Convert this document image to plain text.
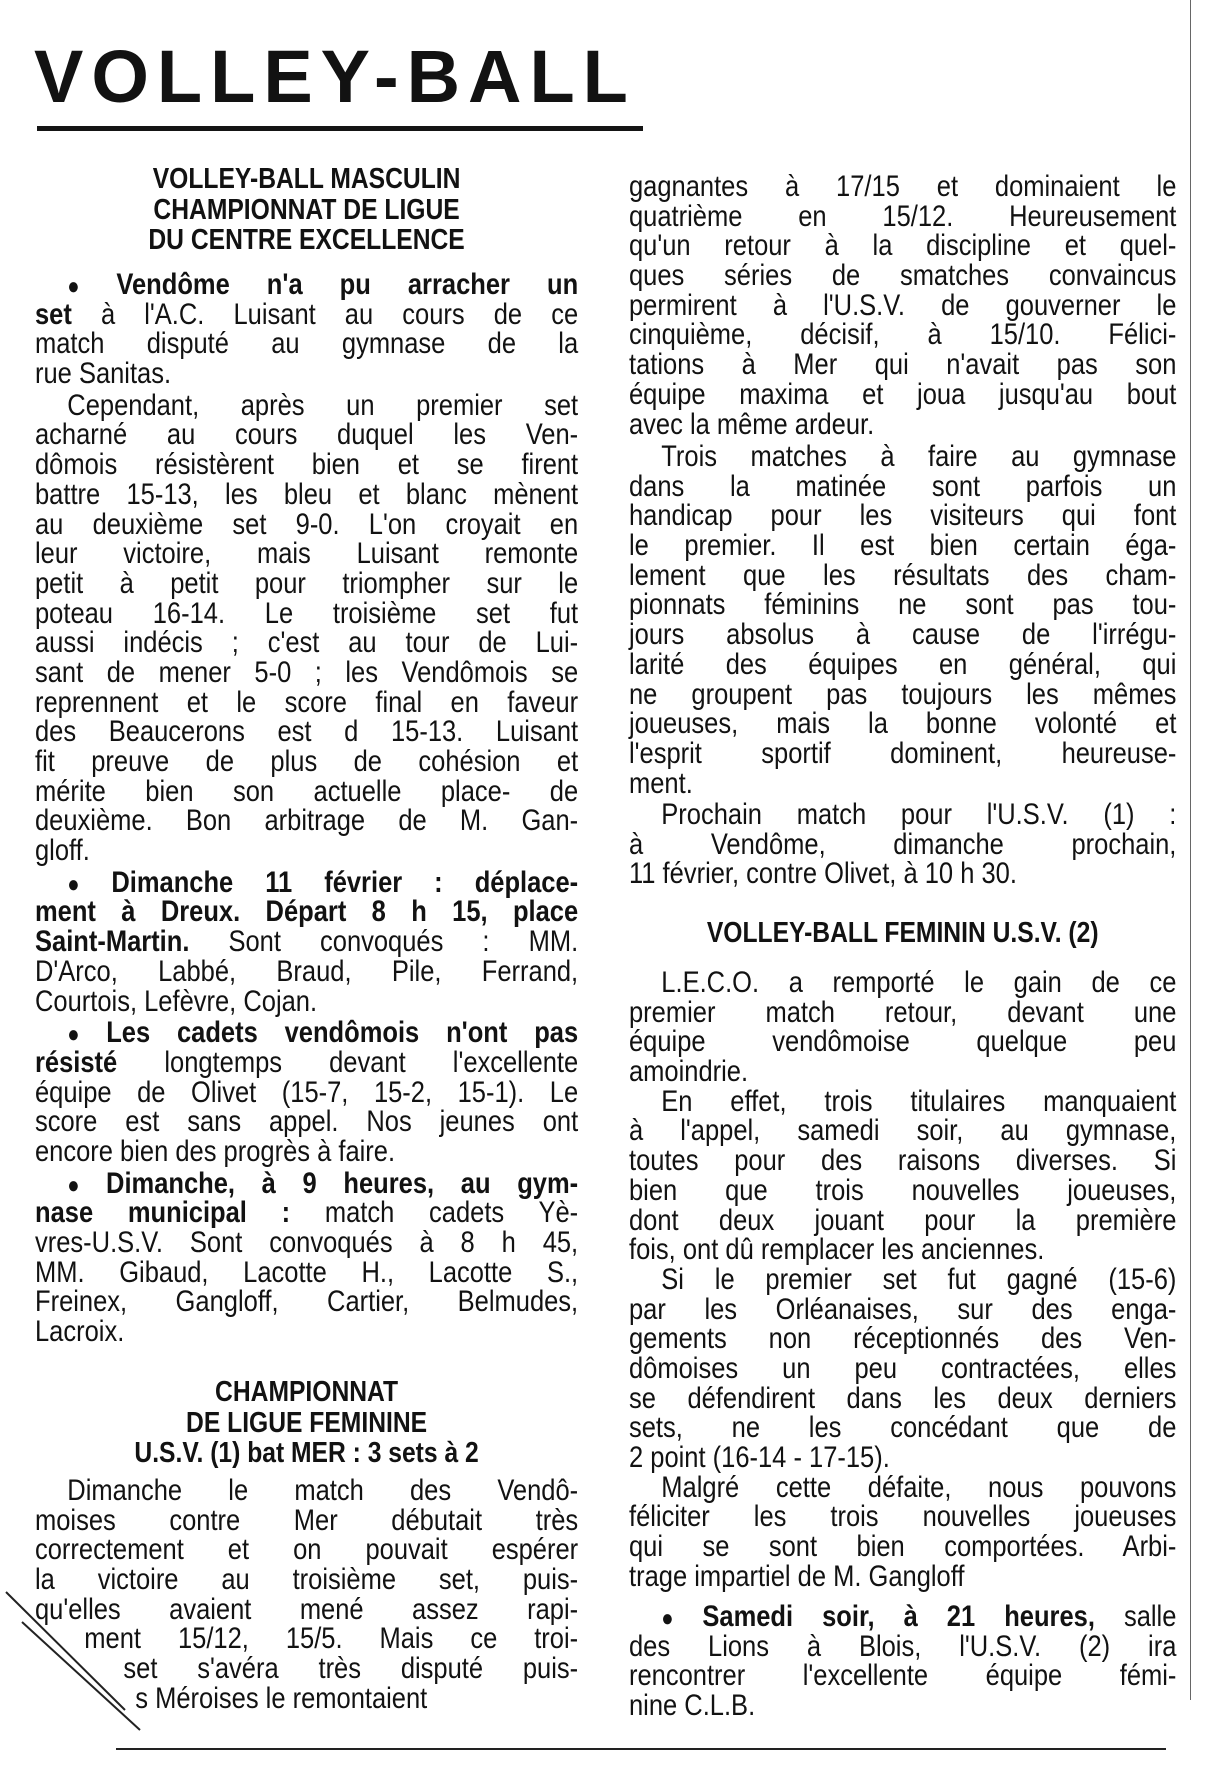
VOLLEY-BALL
VOLLEY-BALL MASCULIN
CHAMPIONNAT DE LIGUE
DU CENTRE EXCELLENCE
● Vendôme n'a pu arracher un
set à l'A.C. Luisant au cours de ce
match disputé au gymnase de la
rue Sanitas.
Cependant, après un premier set
acharné au cours duquel les Ven-
dômois résistèrent bien et se firent
battre 15-13, les bleu et blanc mènent
au deuxième set 9-0. L'on croyait en
leur victoire, mais Luisant remonte
petit à petit pour triompher sur le
poteau 16-14. Le troisième set fut
aussi indécis ; c'est au tour de Lui-
sant de mener 5-0 ; les Vendômois se
reprennent et le score final en faveur
des Beaucerons est d 15-13. Luisant
fit preuve de plus de cohésion et
mérite bien son actuelle place- de
deuxième. Bon arbitrage de M. Gan-
gloff.
● Dimanche 11 février : déplace-
ment à Dreux. Départ 8 h 15, place
Saint-Martin. Sont convoqués : MM.
D'Arco, Labbé, Braud, Pile, Ferrand,
Courtois, Lefèvre, Cojan.
● Les cadets vendômois n'ont pas
résisté longtemps devant l'excellente
équipe de Olivet (15-7, 15-2, 15-1). Le
score est sans appel. Nos jeunes ont
encore bien des progrès à faire.
● Dimanche, à 9 heures, au gym-
nase municipal : match cadets Yè-
vres-U.S.V. Sont convoqués à 8 h 45,
MM. Gibaud, Lacotte H., Lacotte S.,
Freinex, Gangloff, Cartier, Belmudes,
Lacroix.
CHAMPIONNAT
DE LIGUE FEMININE
U.S.V. (1) bat MER : 3 sets à 2
Dimanche le match des Vendô-
moises contre Mer débutait très
correctement et on pouvait espérer
la victoire au troisième set, puis-
qu'elles avaient mené assez rapi-
ment 15/12, 15/5. Mais ce troi-
set s'avéra très disputé puis-
s Méroises le remontaient
gagnantes à 17/15 et dominaient le
quatrième en 15/12. Heureusement
qu'un retour à la discipline et quel-
ques séries de smatches convaincus
permirent à l'U.S.V. de gouverner le
cinquième, décisif, à 15/10. Félici-
tations à Mer qui n'avait pas son
équipe maxima et joua jusqu'au bout
avec la même ardeur.
Trois matches à faire au gymnase
dans la matinée sont parfois un
handicap pour les visiteurs qui font
le premier. Il est bien certain éga-
lement que les résultats des cham-
pionnats féminins ne sont pas tou-
jours absolus à cause de l'irrégu-
larité des équipes en général, qui
ne groupent pas toujours les mêmes
joueuses, mais la bonne volonté et
l'esprit sportif dominent, heureuse-
ment.
Prochain match pour l'U.S.V. (1) :
à Vendôme, dimanche prochain,
11 février, contre Olivet, à 10 h 30.
VOLLEY-BALL FEMININ U.S.V. (2)
L.E.C.O. a remporté le gain de ce
premier match retour, devant une
équipe vendômoise quelque peu
amoindrie.
En effet, trois titulaires manquaient
à l'appel, samedi soir, au gymnase,
toutes pour des raisons diverses. Si
bien que trois nouvelles joueuses,
dont deux jouant pour la première
fois, ont dû remplacer les anciennes.
Si le premier set fut gagné (15-6)
par les Orléanaises, sur des enga-
gements non réceptionnés des Ven-
dômoises un peu contractées, elles
se défendirent dans les deux derniers
sets, ne les concédant que de
2 point (16-14 - 17-15).
Malgré cette défaite, nous pouvons
féliciter les trois nouvelles joueuses
qui se sont bien comportées. Arbi-
trage impartiel de M. Gangloff
● Samedi soir, à 21 heures, salle
des Lions à Blois, l'U.S.V. (2) ira
rencontrer l'excellente équipe fémi-
nine C.L.B.
